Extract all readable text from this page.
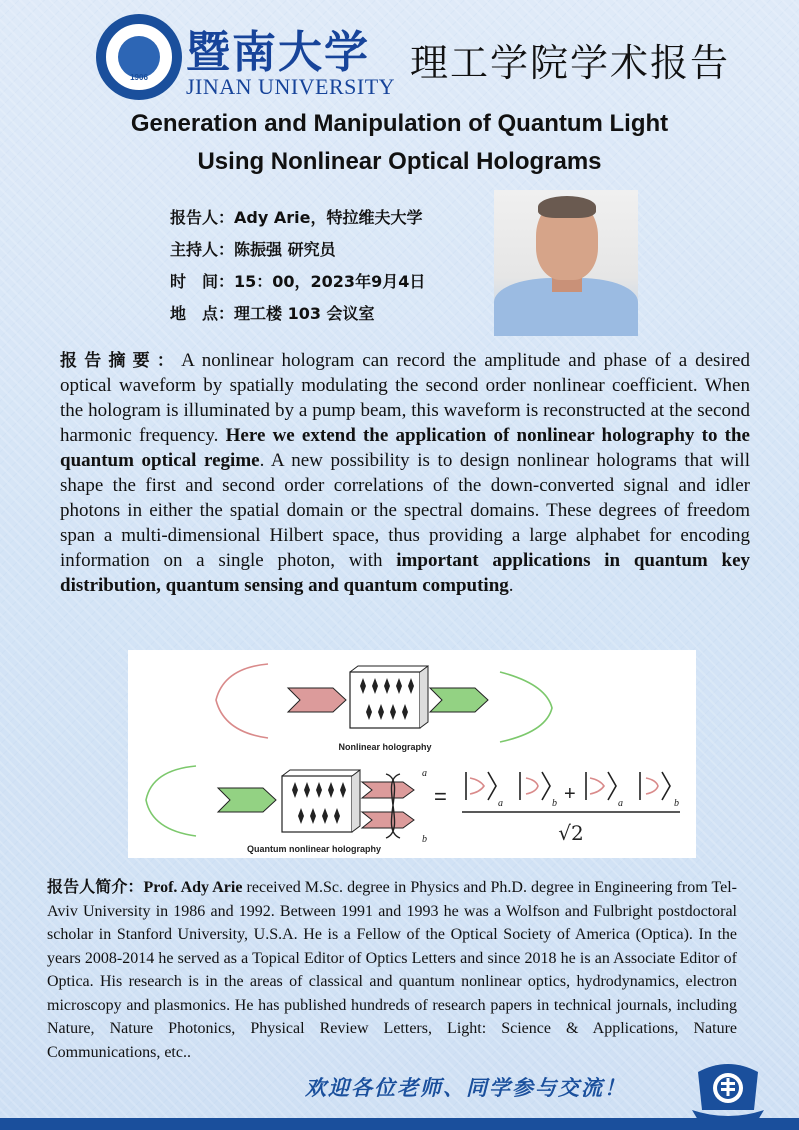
1906 暨南大学
JINAN UNIVERSITY
理工学院学术报告
Generation and Manipulation of Quantum Light
Using Nonlinear Optical Holograms
报告人：Ady Arie，特拉维夫大学
主持人：陈振强 研究员
时　间：15：00，2023年9月4日
地　点：理工楼 103 会议室
报告摘要：A nonlinear hologram can record the amplitude and phase of a desired optical waveform by spatially modulating the second order nonlinear coefficient. When the hologram is illuminated by a pump beam, this waveform is reconstructed at the second harmonic frequency. Here we extend the application of nonlinear holography to the quantum optical regime. A new possibility is to design nonlinear holograms that will shape the first and second order correlations of the down-converted signal and idler photons in either the spatial domain or the spectral domains. These degrees of freedom span a multi-dimensional Hilbert space, thus providing a large alphabet for encoding information on a single photon, with important applications in quantum key distribution, quantum sensing and quantum computing.
Nonlinear holography
a
b
Quantum nonlinear holography
=	a	b +	a	b
√2
报告人简介：Prof. Ady Arie received M.Sc. degree in Physics and Ph.D. degree in Engineering from Tel-Aviv University in 1986 and 1992. Between 1991 and 1993 he was a Wolfson and Fulbright postdoctoral scholar in Stanford University, U.S.A. He is a Fellow of the Optical Society of America (Optica). In the years 2008-2014 he served as a Topical Editor of Optics Letters and since 2018 he is an Associate Editor of Optica. His research is in the areas of classical and quantum nonlinear optics, hydrodynamics, electron microscopy and plasmonics. He has published hundreds of research papers in technical journals, including Nature, Nature Photonics, Physical Review Letters, Light: Science & Applications, Nature Communications, etc..
欢迎各位老师、同学参与交流！
